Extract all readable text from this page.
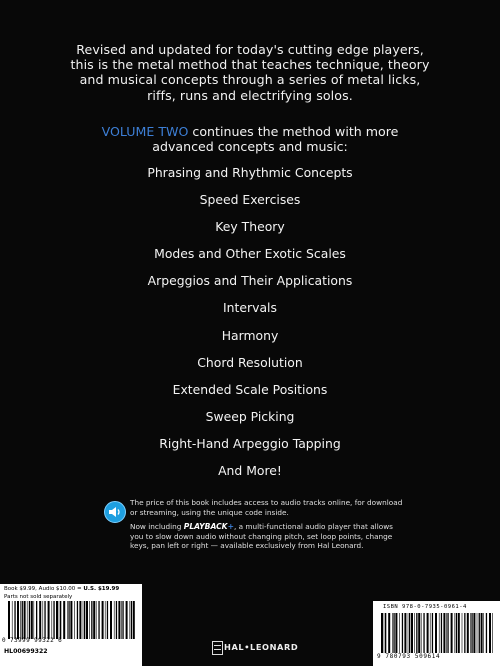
Revised and updated for today's cutting edge players,
this is the metal method that teaches technique, theory
and musical concepts through a series of metal licks,
riffs, runs and electrifying solos.
VOLUME TWO continues the method with more
advanced concepts and music:
Phrasing and Rhythmic Concepts
Speed Exercises
Key Theory
Modes and Other Exotic Scales
Arpeggios and Their Applications
Intervals
Harmony
Chord Resolution
Extended Scale Positions
Sweep Picking
Right-Hand Arpeggio Tapping
And More!

The price of this book includes access to audio tracks online, for download
or streaming, using the unique code inside.

Now including PLAYBACK+, a multi-functional audio player that allows
you to slow down audio without changing pitch, set loop points, change
keys, pan left or right — available exclusively from Hal Leonard.

Book $9.99, Audio $10.00 = U.S. $19.99
Parts not sold separately
0 73999 99322 6
HL00699322	HAL•LEONARD
ISBN 978-0-7935-0961-4
9 780793 509614
